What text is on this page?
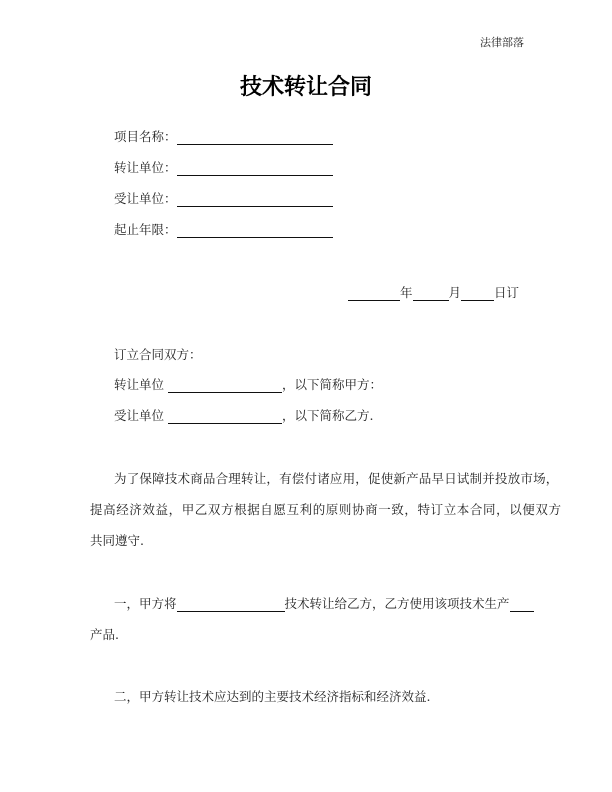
法律部落
技术转让合同
项目名称：
转让单位：
受让单位：
起止年限：
年	月	日订
订立合同双方：
转让单位	，以下简称甲方：
受让单位	，以下简称乙方.
为了保障技术商品合理转让，有偿付诸应用，促使新产品早日试制并投放市场，
提高经济效益，甲乙双方根据自愿互利的原则协商一致，特订立本合同，以便双方
共同遵守.
一，甲方将	技术转让给乙方，乙方使用该项技术生产
产品.
二，甲方转让技术应达到的主要技术经济指标和经济效益.
